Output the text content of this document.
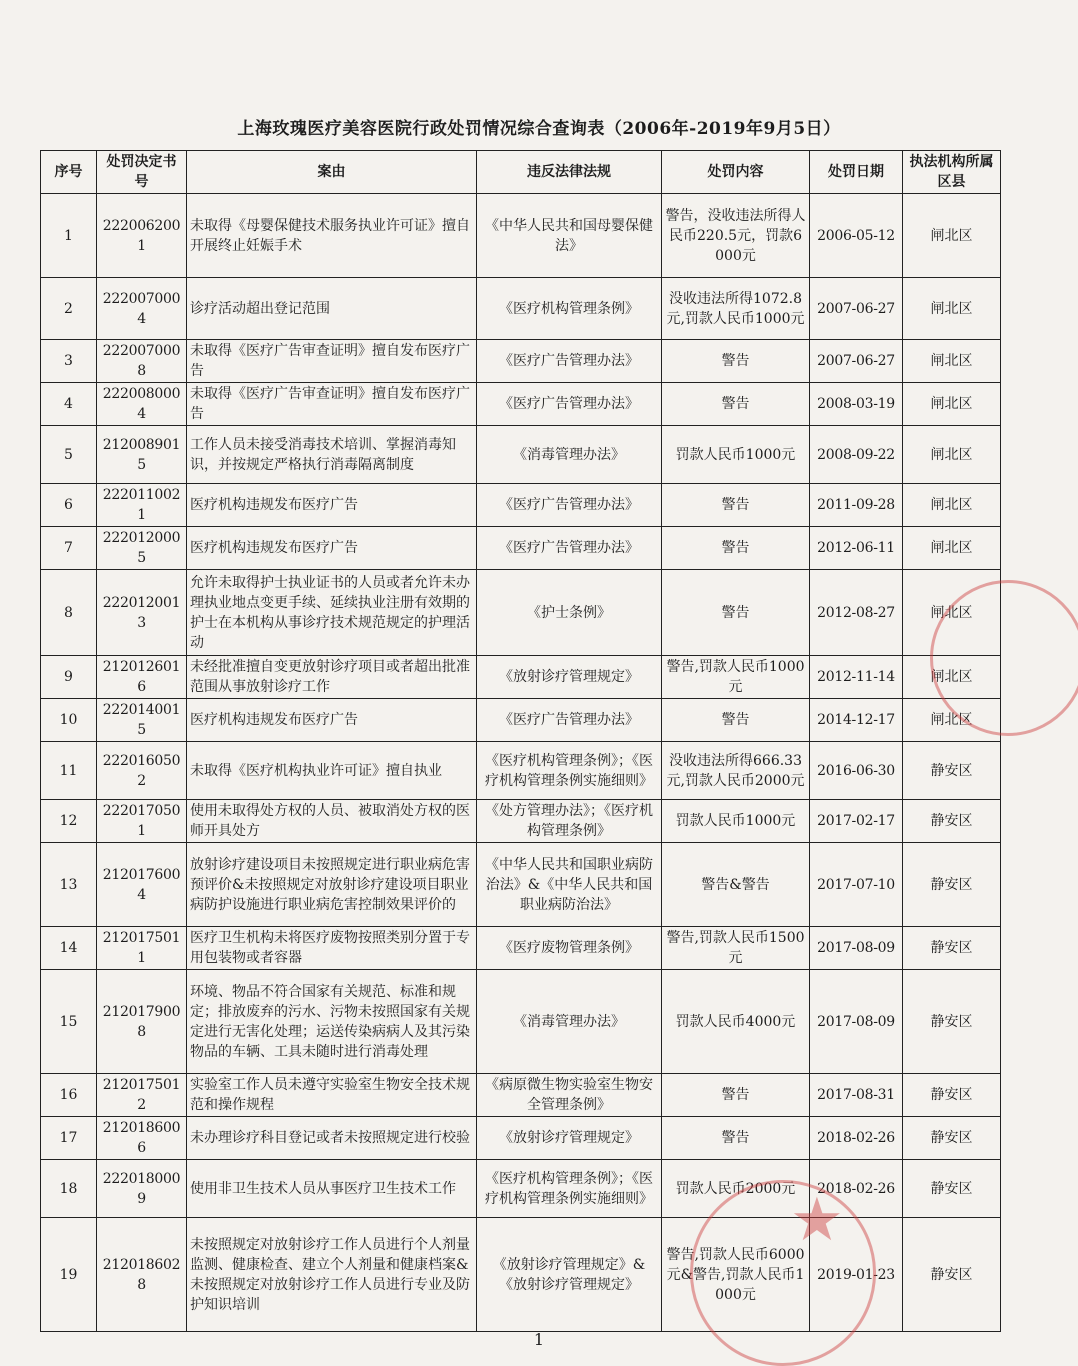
上海玫瑰医疗美容医院行政处罚情况综合查询表（2006年-2019年9月5日）
序号	处罚决定书号	案由	违反法律法规	处罚内容	处罚日期	执法机构所属区县
1	2220062001	未取得《母婴保健技术服务执业许可证》擅自开展终止妊娠手术	《中华人民共和国母婴保健法》	警告，没收违法所得人民币220.5元，罚款6000元	2006-05-12	闸北区
2	2220070004	诊疗活动超出登记范围	《医疗机构管理条例》	没收违法所得1072.8元,罚款人民币1000元	2007-06-27	闸北区
3	2220070008	未取得《医疗广告审查证明》擅自发布医疗广告	《医疗广告管理办法》	警告	2007-06-27	闸北区
4	2220080004	未取得《医疗广告审查证明》擅自发布医疗广告	《医疗广告管理办法》	警告	2008-03-19	闸北区
5	2120089015	工作人员未接受消毒技术培训、掌握消毒知识，并按规定严格执行消毒隔离制度	《消毒管理办法》	罚款人民币1000元	2008-09-22	闸北区
6	2220110021	医疗机构违规发布医疗广告	《医疗广告管理办法》	警告	2011-09-28	闸北区
7	2220120005	医疗机构违规发布医疗广告	《医疗广告管理办法》	警告	2012-06-11	闸北区
8	2220120013	允许未取得护士执业证书的人员或者允许未办理执业地点变更手续、延续执业注册有效期的护士在本机构从事诊疗技术规范规定的护理活动	《护士条例》	警告	2012-08-27	闸北区
9	2120126016	未经批准擅自变更放射诊疗项目或者超出批准范围从事放射诊疗工作	《放射诊疗管理规定》	警告,罚款人民币1000元	2012-11-14	闸北区
10	2220140015	医疗机构违规发布医疗广告	《医疗广告管理办法》	警告	2014-12-17	闸北区
11	2220160502	未取得《医疗机构执业许可证》擅自执业	《医疗机构管理条例》；《医疗机构管理条例实施细则》	没收违法所得666.33元,罚款人民币2000元	2016-06-30	静安区
12	2220170501	使用未取得处方权的人员、被取消处方权的医师开具处方	《处方管理办法》；《医疗机构管理条例》	罚款人民币1000元	2017-02-17	静安区
13	2120176004	放射诊疗建设项目未按照规定进行职业病危害预评价&未按照规定对放射诊疗建设项目职业病防护设施进行职业病危害控制效果评价的	《中华人民共和国职业病防治法》&《中华人民共和国职业病防治法》	警告&警告	2017-07-10	静安区
14	2120175011	医疗卫生机构未将医疗废物按照类别分置于专用包装物或者容器	《医疗废物管理条例》	警告,罚款人民币1500元	2017-08-09	静安区
15	2120179008	环境、物品不符合国家有关规范、标准和规定；排放废弃的污水、污物未按照国家有关规定进行无害化处理；运送传染病病人及其污染物品的车辆、工具未随时进行消毒处理	《消毒管理办法》	罚款人民币4000元	2017-08-09	静安区
16	2120175012	实验室工作人员未遵守实验室生物安全技术规范和操作规程	《病原微生物实验室生物安全管理条例》	警告	2017-08-31	静安区
17	2120186006	未办理诊疗科目登记或者未按照规定进行校验	《放射诊疗管理规定》	警告	2018-02-26	静安区
18	2220180009	使用非卫生技术人员从事医疗卫生技术工作	《医疗机构管理条例》；《医疗机构管理条例实施细则》	罚款人民币2000元	2018-02-26	静安区
19	2120186028	未按照规定对放射诊疗工作人员进行个人剂量监测、健康检查、建立个人剂量和健康档案&未按照规定对放射诊疗工作人员进行专业及防护知识培训	《放射诊疗管理规定》&《放射诊疗管理规定》	警告,罚款人民币6000元&警告,罚款人民币1000元	2019-01-23	静安区
★
1
